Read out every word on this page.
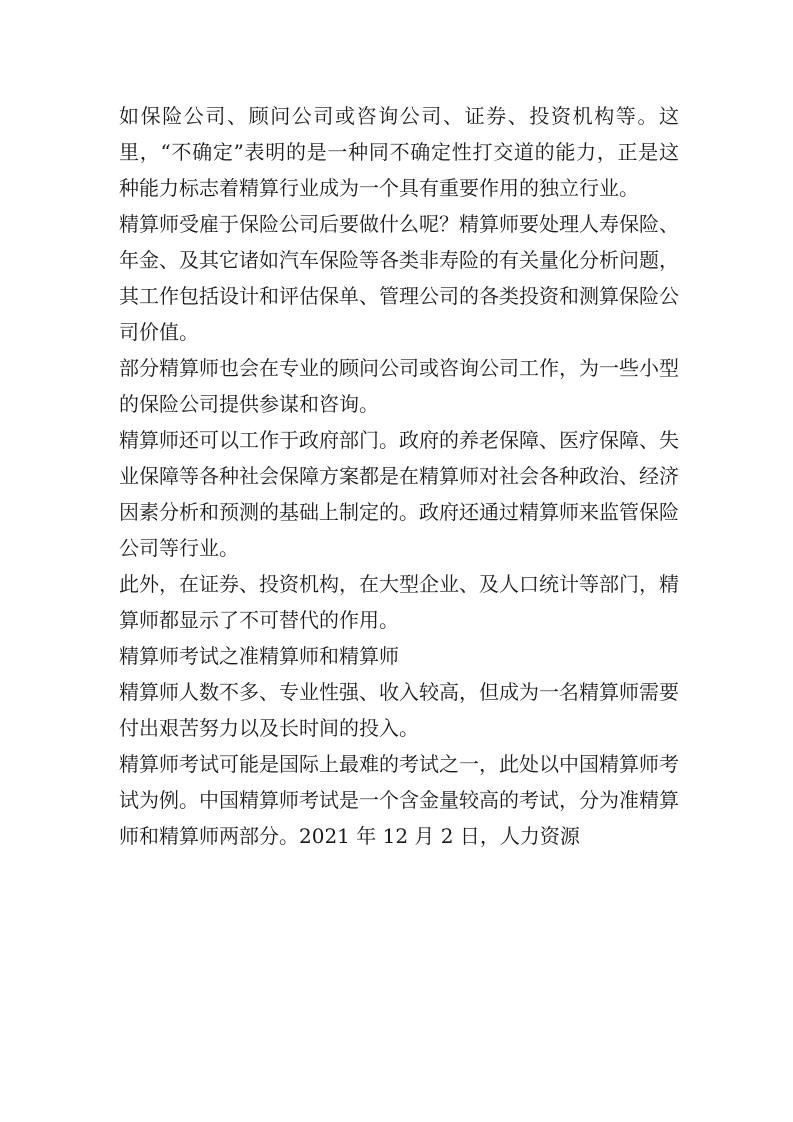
如保险公司、顾问公司或咨询公司、证券、投资机构等。这里，“不确定”表明的是一种同不确定性打交道的能力，正是这种能力标志着精算行业成为一个具有重要作用的独立行业。

精算师受雇于保险公司后要做什么呢？精算师要处理人寿保险、年金、及其它诸如汽车保险等各类非寿险的有关量化分析问题，其工作包括设计和评估保单、管理公司的各类投资和测算保险公司价值。

部分精算师也会在专业的顾问公司或咨询公司工作，为一些小型的保险公司提供参谋和咨询。

精算师还可以工作于政府部门。政府的养老保障、医疗保障、失业保障等各种社会保障方案都是在精算师对社会各种政治、经济因素分析和预测的基础上制定的。政府还通过精算师来监管保险公司等行业。

此外，在证券、投资机构，在大型企业、及人口统计等部门，精算师都显示了不可替代的作用。

精算师考试之准精算师和精算师

精算师人数不多、专业性强、收入较高，但成为一名精算师需要付出艰苦努力以及长时间的投入。

精算师考试可能是国际上最难的考试之一，此处以中国精算师考试为例。中国精算师考试是一个含金量较高的考试，分为准精算师和精算师两部分。2021 年 12 月 2 日，人力资源
